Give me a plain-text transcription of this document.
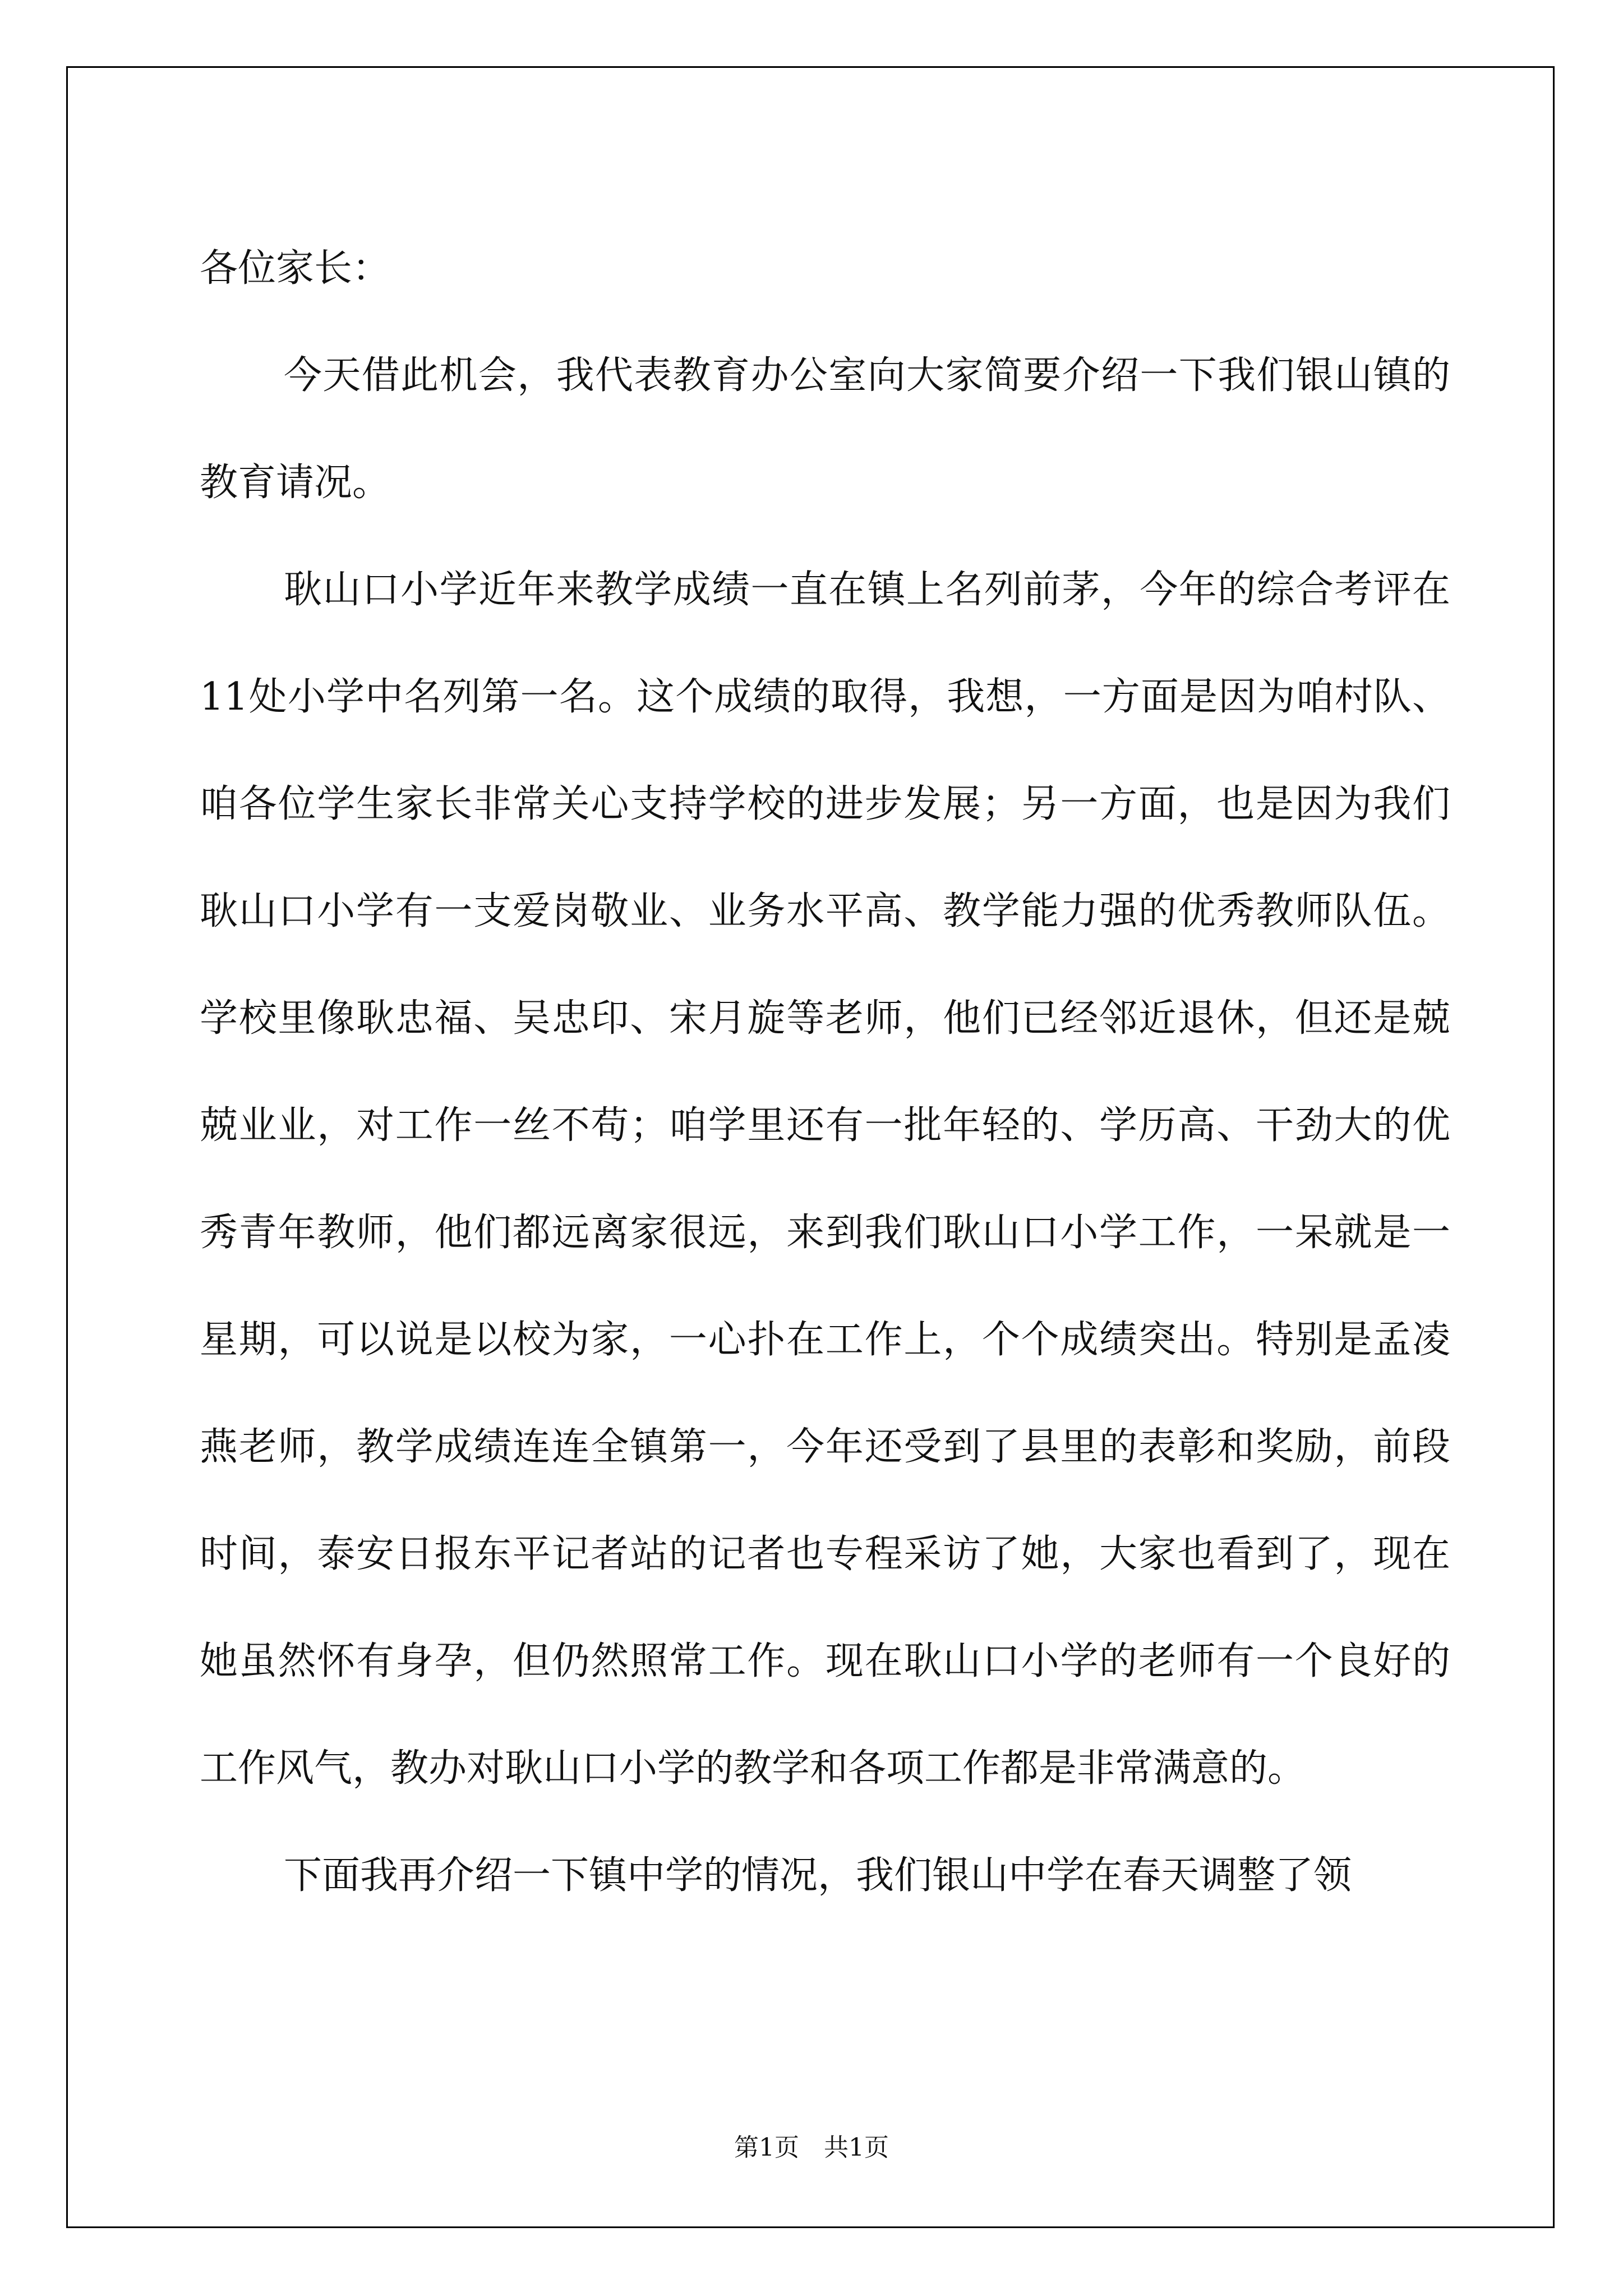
各位家长：

今天借此机会，我代表教育办公室向大家简要介绍一下我们银山镇的教育请况。

耿山口小学近年来教学成绩一直在镇上名列前茅，今年的综合考评在11处小学中名列第一名。这个成绩的取得，我想，一方面是因为咱村队、咱各位学生家长非常关心支持学校的进步发展；另一方面，也是因为我们耿山口小学有一支爱岗敬业、业务水平高、教学能力强的优秀教师队伍。学校里像耿忠福、吴忠印、宋月旋等老师，他们已经邻近退休，但还是兢兢业业，对工作一丝不苟；咱学里还有一批年轻的、学历高、干劲大的优秀青年教师，他们都远离家很远，来到我们耿山口小学工作，一呆就是一星期，可以说是以校为家，一心扑在工作上，个个成绩突出。特别是孟凌燕老师，教学成绩连连全镇第一，今年还受到了县里的表彰和奖励，前段时间，泰安日报东平记者站的记者也专程采访了她，大家也看到了，现在她虽然怀有身孕，但仍然照常工作。现在耿山口小学的老师有一个良好的工作风气，教办对耿山口小学的教学和各项工作都是非常满意的。

下面我再介绍一下镇中学的情况，我们银山中学在春天调整了领

第1页　共1页
